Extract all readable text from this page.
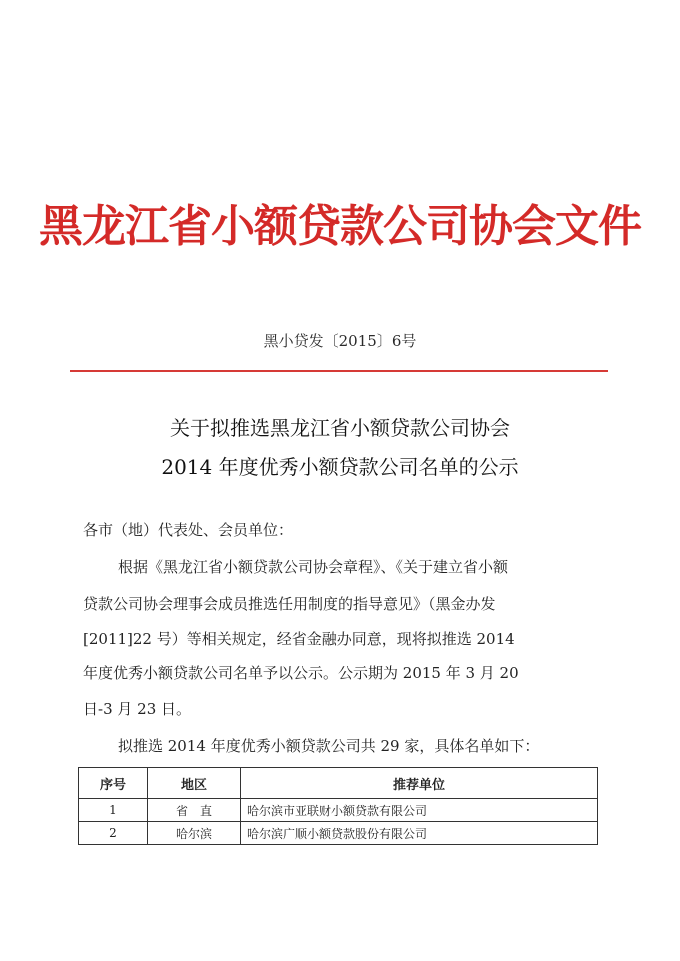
黑龙江省小额贷款公司协会文件
黑小贷发〔2015〕6号
关于拟推选黑龙江省小额贷款公司协会
2014 年度优秀小额贷款公司名单的公示
各市（地）代表处、会员单位：
根据《黑龙江省小额贷款公司协会章程》、《关于建立省小额
贷款公司协会理事会成员推选任用制度的指导意见》（黑金办发
[2011]22 号）等相关规定，经省金融办同意，现将拟推选 2014
年度优秀小额贷款公司名单予以公示。公示期为 2015 年 3 月 20
日-3 月 23 日。
拟推选 2014 年度优秀小额贷款公司共 29 家，具体名单如下：
序号	地区	推荐单位
1	省　直	哈尔滨市亚联财小额贷款有限公司
2	哈尔滨	哈尔滨广顺小额贷款股份有限公司
